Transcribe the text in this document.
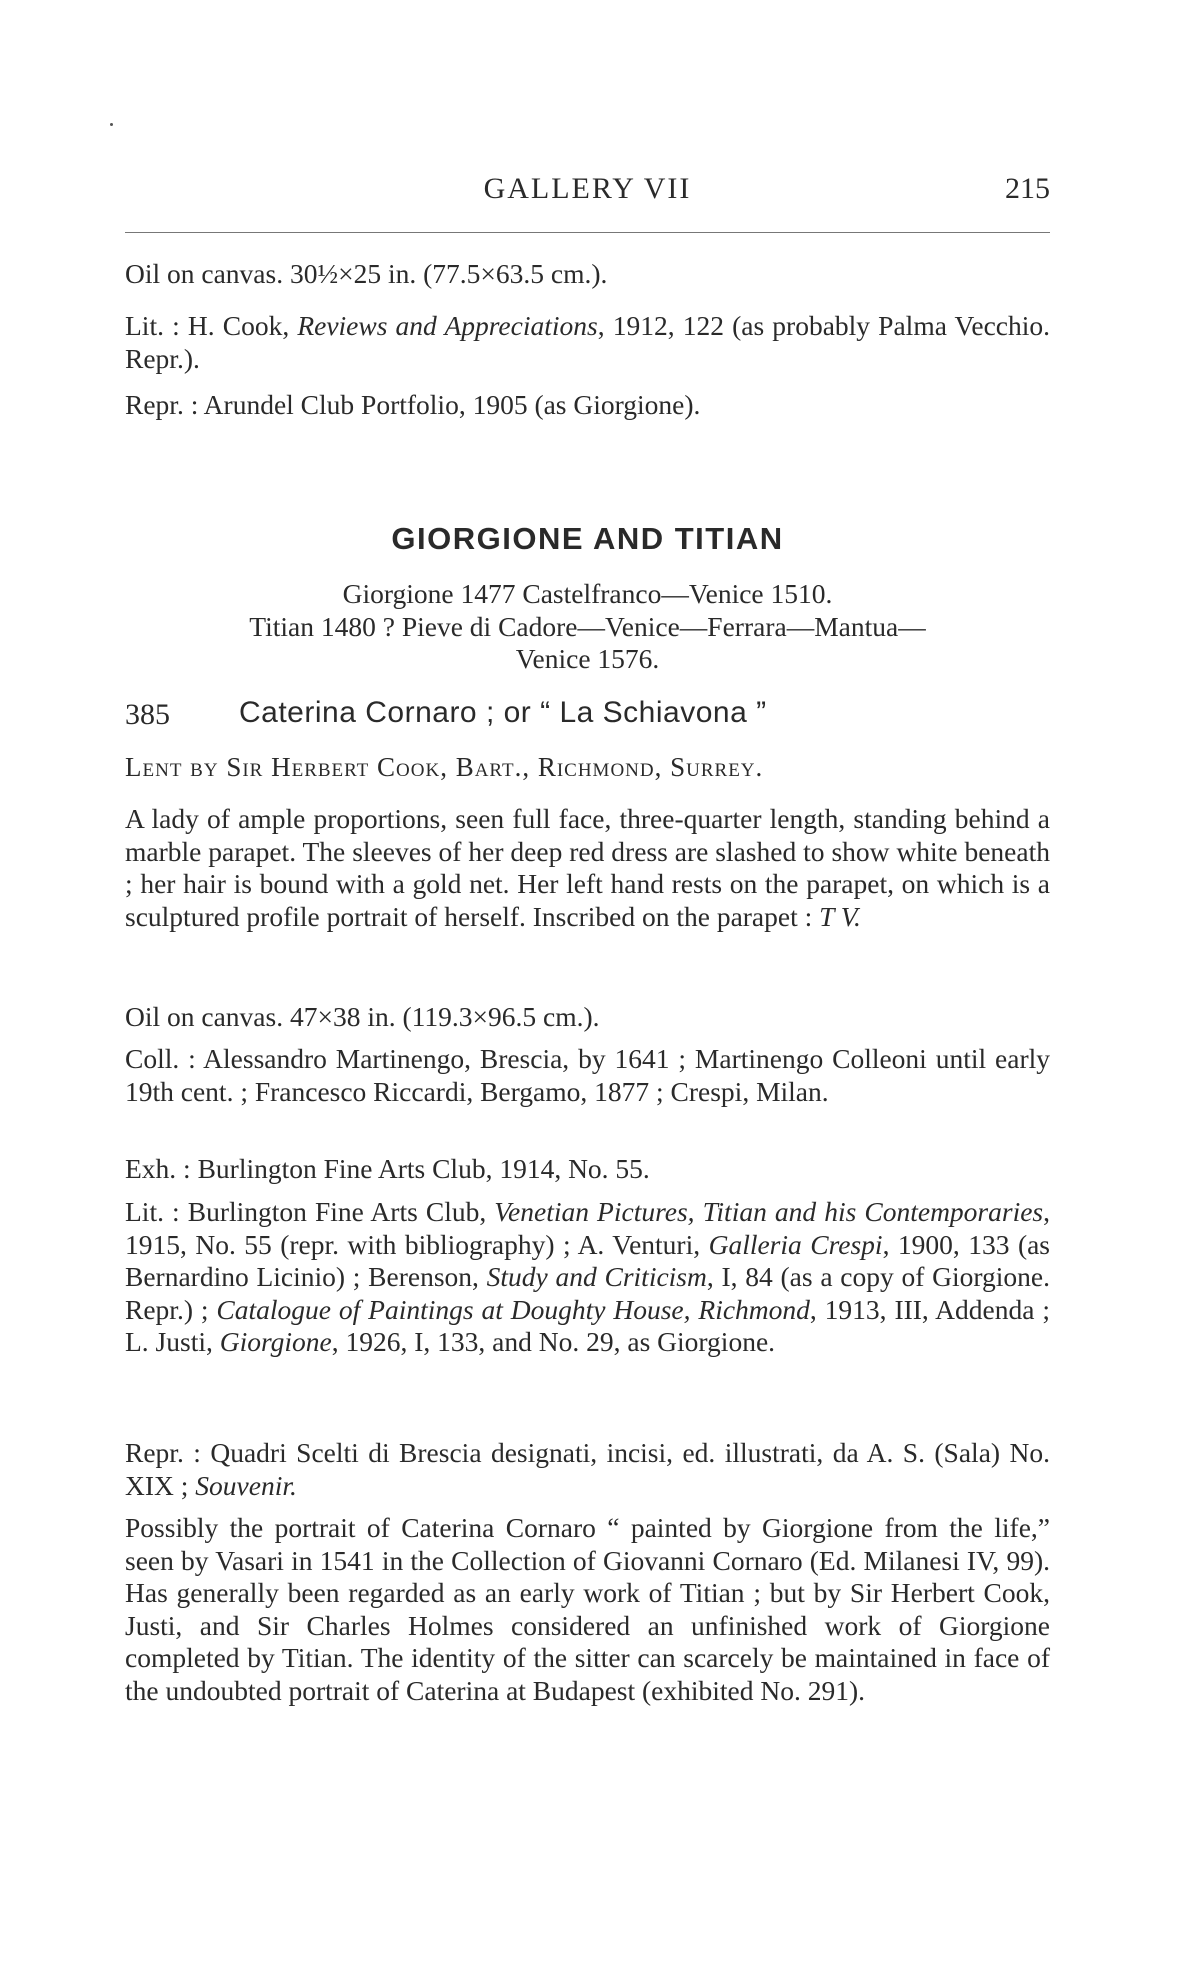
GALLERY VII	215

Oil on canvas. 30½×25 in. (77.5×63.5 cm.).

Lit. : H. Cook, Reviews and Appreciations, 1912, 122 (as probably Palma Vecchio. Repr.).

Repr. : Arundel Club Portfolio, 1905 (as Giorgione).

GIORGIONE AND TITIAN

Giorgione 1477 Castelfranco—Venice 1510.
Titian 1480 ? Pieve di Cadore—Venice—Ferrara—Mantua—
Venice 1576.

385 Caterina Cornaro ; or “ La Schiavona ”
Lent by Sir Herbert Cook, Bart., Richmond, Surrey.

A lady of ample proportions, seen full face, three-quarter length, standing behind a marble parapet. The sleeves of her deep red dress are slashed to show white beneath ; her hair is bound with a gold net. Her left hand rests on the parapet, on which is a sculptured profile portrait of herself. Inscribed on the parapet : T V.

Oil on canvas. 47×38 in. (119.3×96.5 cm.).

Coll. : Alessandro Martinengo, Brescia, by 1641 ; Martinengo Colleoni until early 19th cent. ; Francesco Riccardi, Bergamo, 1877 ; Crespi, Milan.

Exh. : Burlington Fine Arts Club, 1914, No. 55.

Lit. : Burlington Fine Arts Club, Venetian Pictures, Titian and his Contemporaries, 1915, No. 55 (repr. with bibliography) ; A. Venturi, Galleria Crespi, 1900, 133 (as Bernardino Licinio) ; Berenson, Study and Criticism, I, 84 (as a copy of Giorgione. Repr.) ; Catalogue of Paintings at Doughty House, Richmond, 1913, III, Addenda ; L. Justi, Giorgione, 1926, I, 133, and No. 29, as Giorgione.

Repr. : Quadri Scelti di Brescia designati, incisi, ed. illustrati, da A. S. (Sala) No. XIX ; Souvenir.

Possibly the portrait of Caterina Cornaro “ painted by Giorgione from the life,” seen by Vasari in 1541 in the Collection of Giovanni Cornaro (Ed. Milanesi IV, 99). Has generally been regarded as an early work of Titian ; but by Sir Herbert Cook, Justi, and Sir Charles Holmes considered an unfinished work of Giorgione completed by Titian. The identity of the sitter can scarcely be maintained in face of the undoubted portrait of Caterina at Budapest (exhibited No. 291).
